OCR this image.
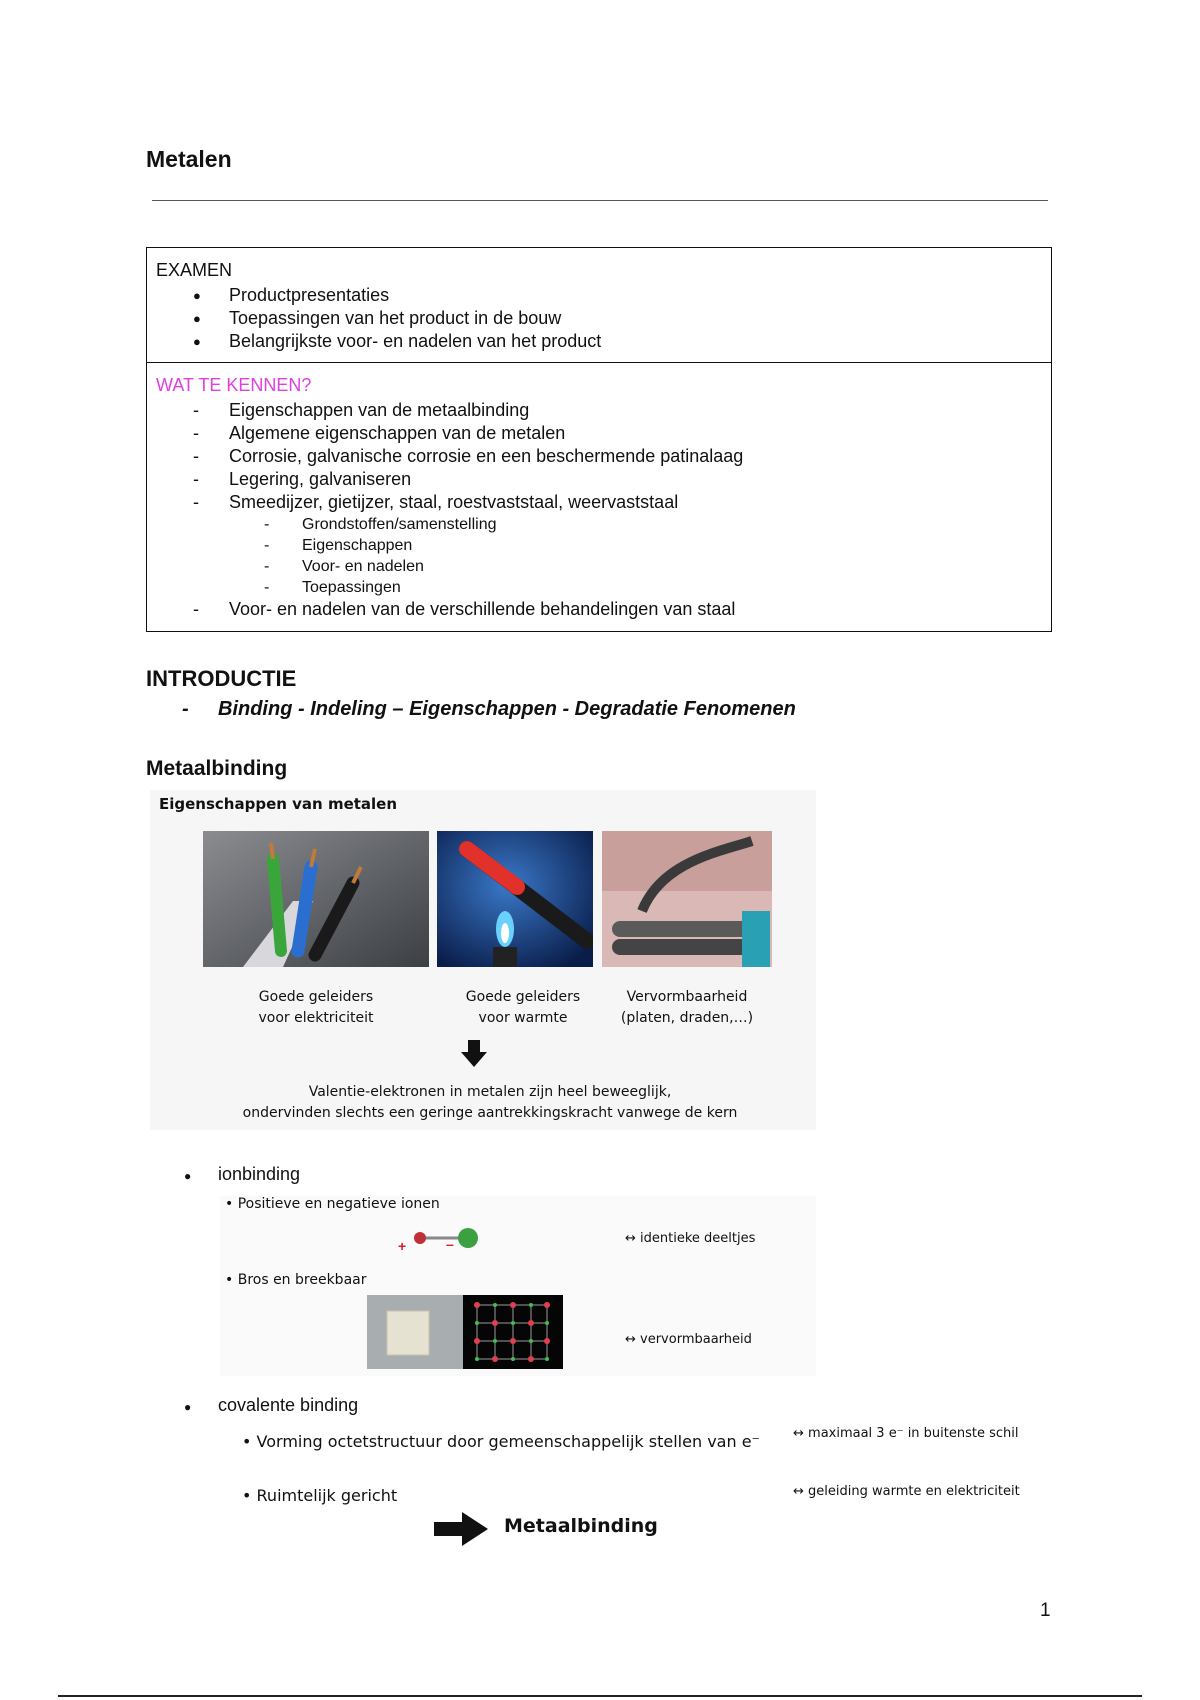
Metalen
EXAMEN
● Productpresentaties
● Toepassingen van het product in de bouw
● Belangrijkste voor- en nadelen van het product
WAT TE KENNEN?
- Eigenschappen van de metaalbinding
- Algemene eigenschappen van de metalen
- Corrosie, galvanische corrosie en een beschermende patinalaag
- Legering, galvaniseren
- Smeedijzer, gietijzer, staal, roestvaststaal, weervaststaal
- Grondstoffen/samenstelling
- Eigenschappen
- Voor- en nadelen
- Toepassingen
- Voor- en nadelen van de verschillende behandelingen van staal
INTRODUCTIE
- Binding - Indeling – Eigenschappen - Degradatie Fenomenen
Metaalbinding
Eigenschappen van metalen
Goede geleiders
voor elektriciteit
Goede geleiders
voor warmte
Vervormbaarheid
(platen, draden,…)
Valentie-elektronen in metalen zijn heel beweeglijk,
ondervinden slechts een geringe aantrekkingskracht vanwege de kern
● ionbinding
• Positieve en negatieve ionen
+	–	↔ identieke deeltjes
• Bros en breekbaar
↔ vervormbaarheid
● covalente binding
• Vorming octetstructuur door gemeenschappelijk stellen van e⁻	↔ maximaal 3 e⁻ in buitenste schil
• Ruimtelijk gericht	↔ geleiding warmte en elektriciteit
Metaalbinding
1
